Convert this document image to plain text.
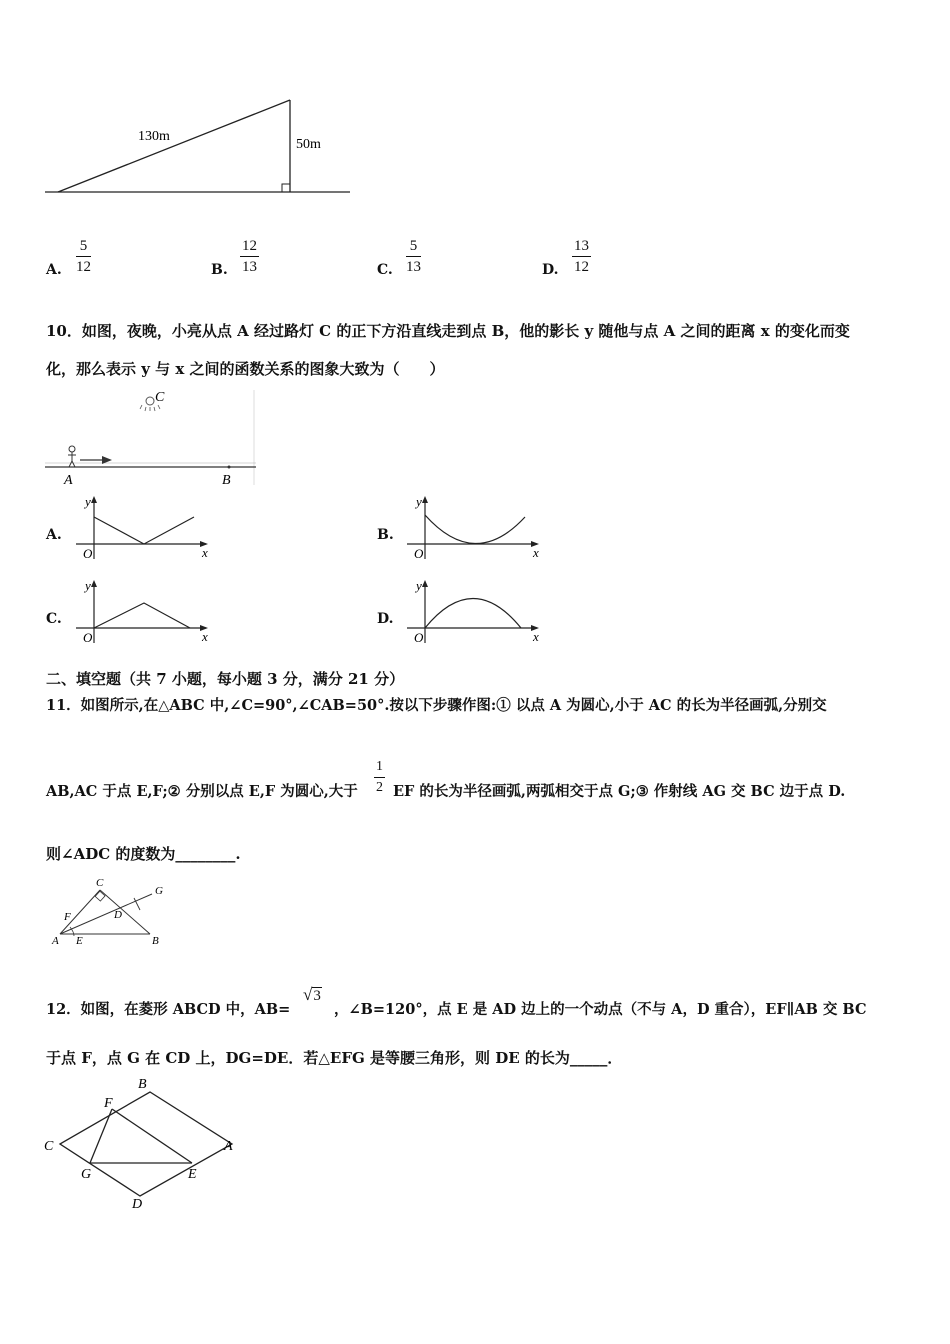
130m
50m
A. $\frac{5}{12}$	B. $\frac{12}{13}$	C. $\frac{5}{13}$	D. $\frac{13}{12}$
10．如图，夜晚，小亮从点 A 经过路灯 C 的正下方沿直线走到点 B，他的影长 y 随他与点 A 之间的距离 x 的变化而变
化，那么表示 y 与 x 之间的函数关系的图象大致为（　　）
C
A	B
A.
y
O	x
B.
y
O	x
C.
y
O	x
D.
y
O	x
二、填空题（共 7 小题，每小题 3 分，满分 21 分）
11．如图所示,在△ABC 中,∠C=90°,∠CAB=50°.按以下步骤作图:① 以点 A 为圆心,小于 AC 的长为半径画弧,分别交
AB,AC 于点 E,F;② 分别以点 E,F 为圆心,大于 $\frac{1}{2}$ EF 的长为半径画弧,两弧相交于点 G;③ 作射线 AG 交 BC 边于点 D.
则∠ADC 的度数为________.
C
G
F	D
A E	B
12．如图，在菱形 ABCD 中，AB=
√3
，∠B=120°，点 E 是 AD 边上的一个动点（不与 A，D 重合），EF∥AB 交 BC
于点 F，点 G 在 CD 上，DG=DE．若△EFG 是等腰三角形，则 DE 的长为_____．
B
F
C	A
G	E
D
